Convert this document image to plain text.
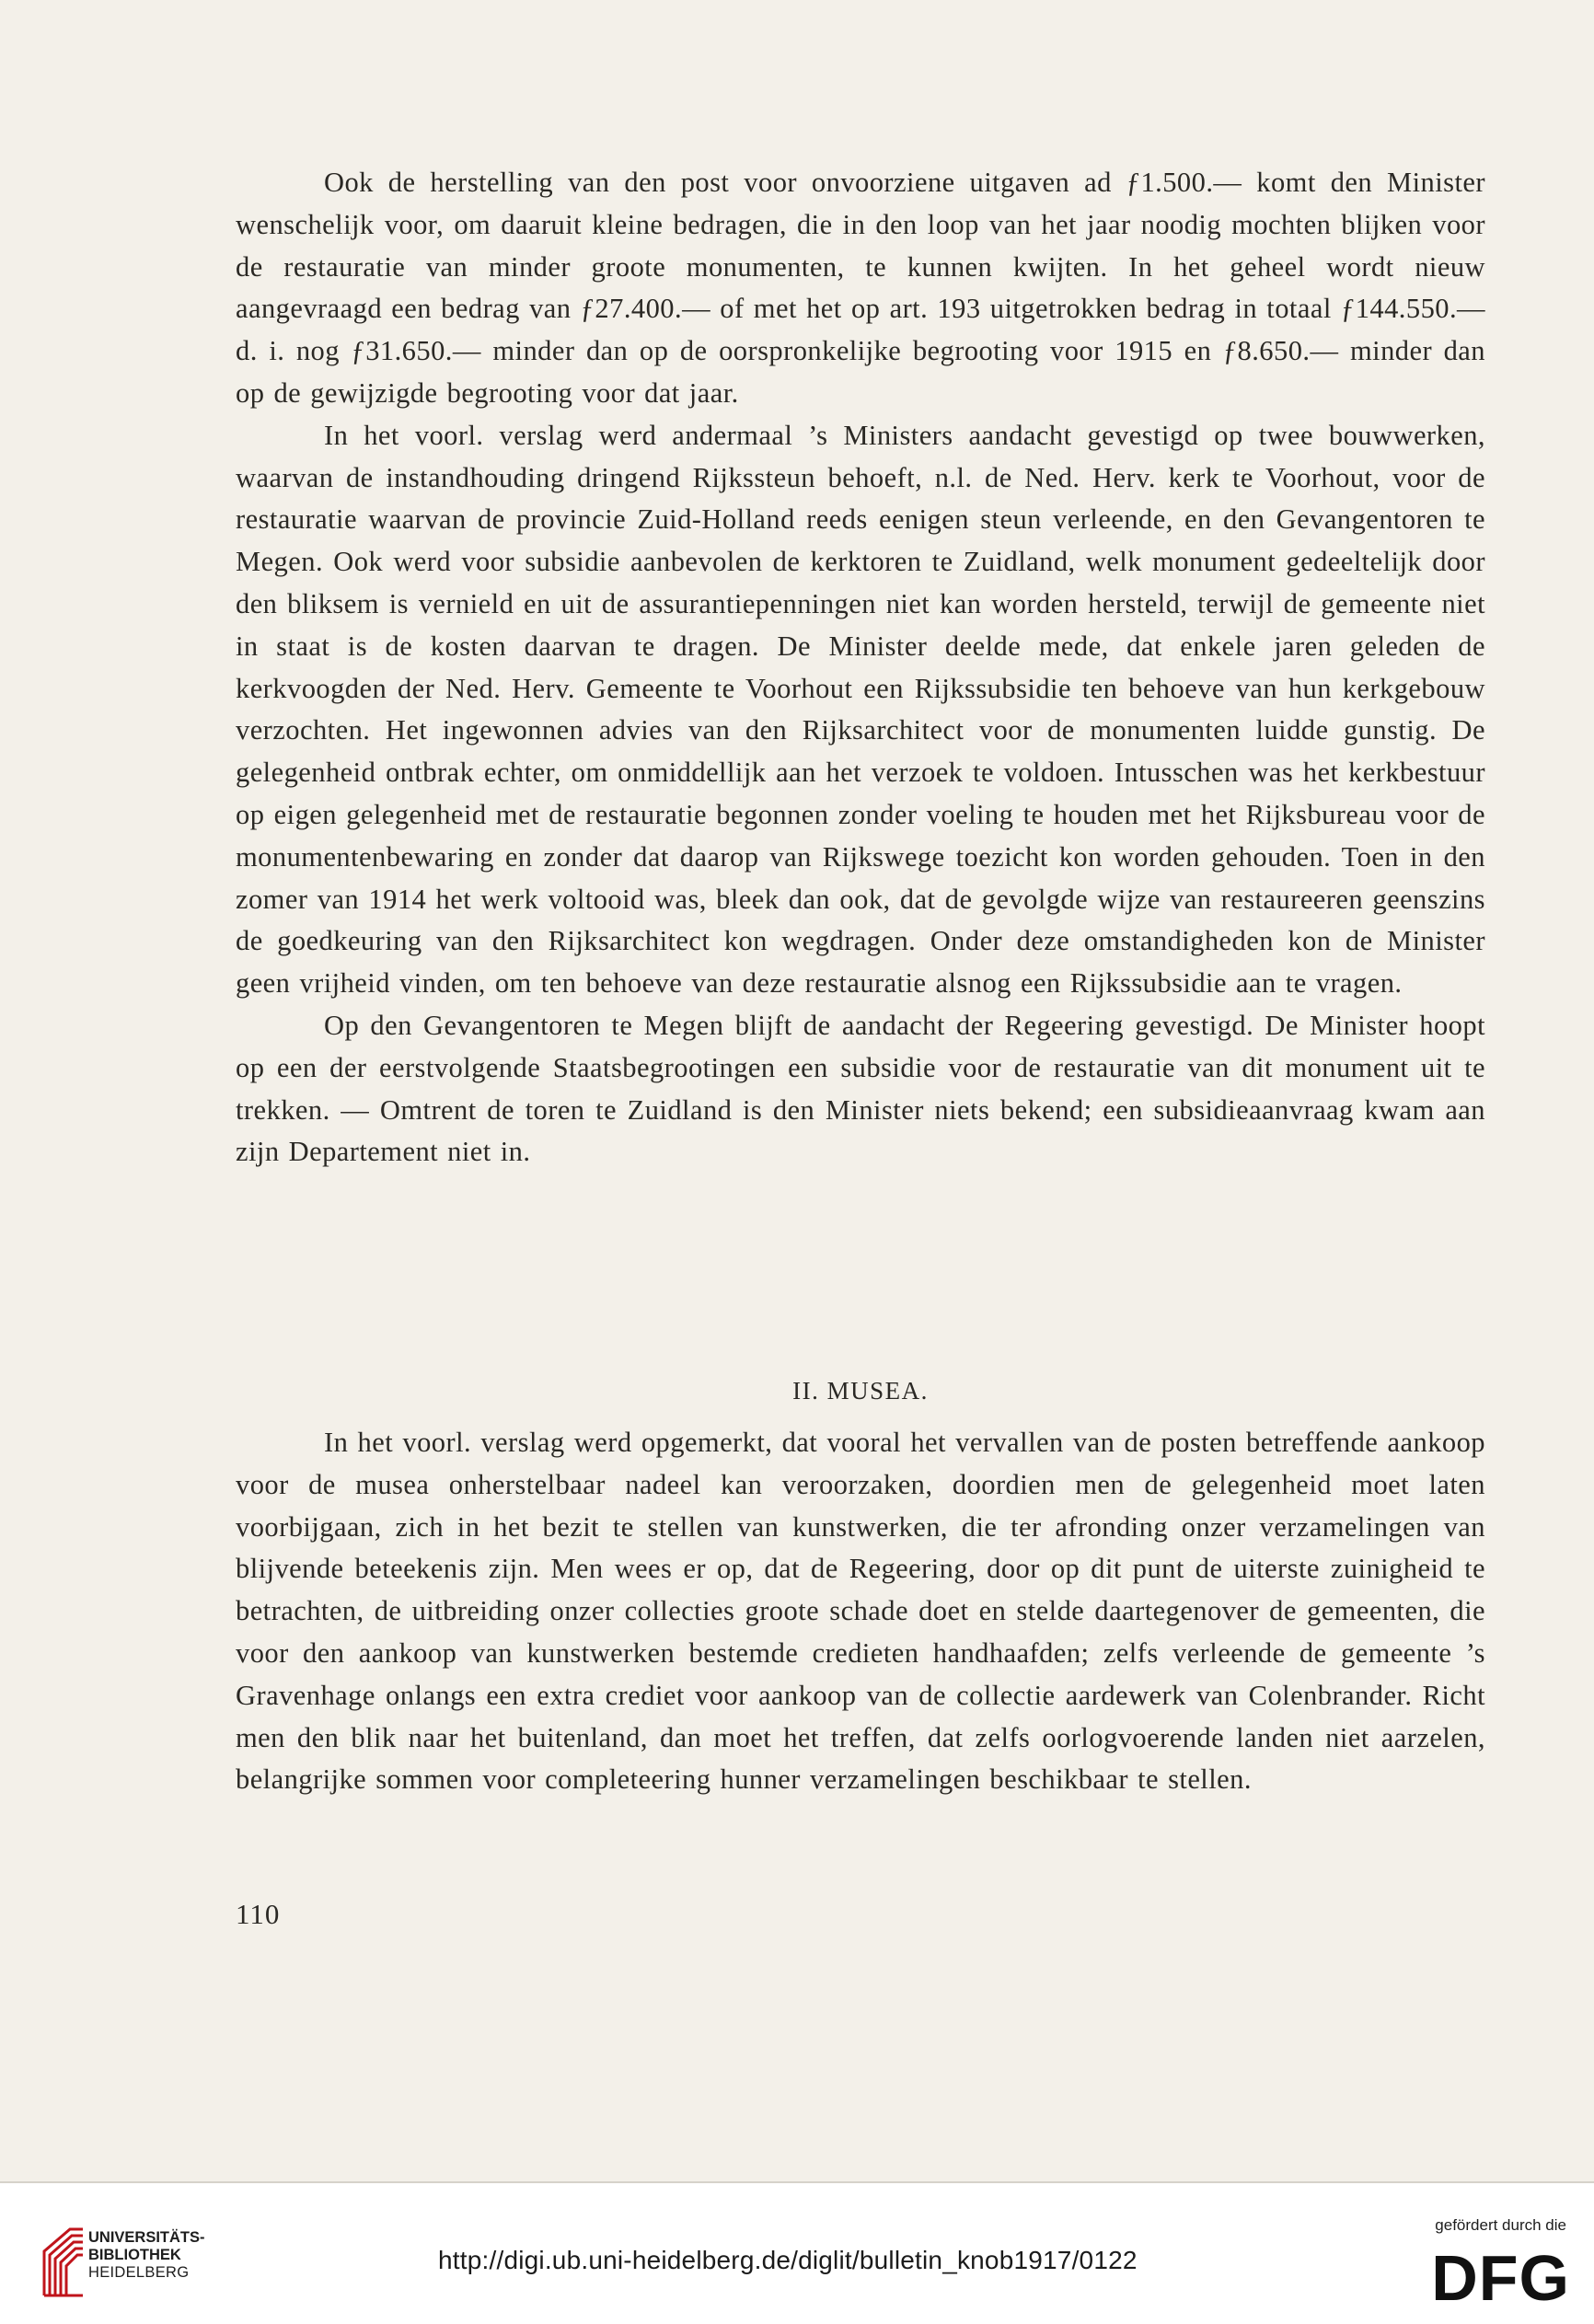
Ook de herstelling van den post voor onvoorziene uitgaven ad ƒ1.500.— komt den Minister wenschelijk voor, om daaruit kleine bedragen, die in den loop van het jaar noodig mochten blijken voor de restauratie van minder groote monumenten, te kunnen kwijten. In het geheel wordt nieuw aangevraagd een bedrag van ƒ27.400.— of met het op art. 193 uitgetrokken bedrag in totaal ƒ144.550.— d. i. nog ƒ31.650.— minder dan op de oorspronkelijke begrooting voor 1915 en ƒ8.650.— minder dan op de gewijzigde begrooting voor dat jaar.

In het voorl. verslag werd andermaal ’s Ministers aandacht gevestigd op twee bouwwerken, waarvan de instandhouding dringend Rijkssteun behoeft, n.l. de Ned. Herv. kerk te Voorhout, voor de restauratie waarvan de provincie Zuid-Holland reeds eenigen steun verleende, en den Gevangentoren te Megen. Ook werd voor subsidie aanbevolen de kerktoren te Zuidland, welk monument gedeeltelijk door den bliksem is vernield en uit de assurantiepenningen niet kan worden hersteld, terwijl de gemeente niet in staat is de kosten daarvan te dragen. De Minister deelde mede, dat enkele jaren geleden de kerkvoogden der Ned. Herv. Gemeente te Voorhout een Rijkssubsidie ten behoeve van hun kerkgebouw verzochten. Het ingewonnen advies van den Rijksarchitect voor de monumenten luidde gunstig. De gelegenheid ontbrak echter, om onmiddellijk aan het verzoek te voldoen. Intusschen was het kerkbestuur op eigen gelegenheid met de restauratie begonnen zonder voeling te houden met het Rijksbureau voor de monumentenbewaring en zonder dat daarop van Rijkswege toezicht kon worden gehouden. Toen in den zomer van 1914 het werk voltooid was, bleek dan ook, dat de gevolgde wijze van restaureeren geenszins de goedkeuring van den Rijksarchitect kon wegdragen. Onder deze omstandigheden kon de Minister geen vrijheid vinden, om ten behoeve van deze restauratie alsnog een Rijkssubsidie aan te vragen.

Op den Gevangentoren te Megen blijft de aandacht der Regeering gevestigd. De Minister hoopt op een der eerstvolgende Staatsbegrootingen een subsidie voor de restauratie van dit monument uit te trekken. — Omtrent de toren te Zuidland is den Minister niets bekend; een subsidieaanvraag kwam aan zijn Departement niet in.

II. MUSEA.

In het voorl. verslag werd opgemerkt, dat vooral het vervallen van de posten betreffende aankoop voor de musea onherstelbaar nadeel kan veroorzaken, doordien men de gelegenheid moet laten voorbijgaan, zich in het bezit te stellen van kunstwerken, die ter afronding onzer verzamelingen van blijvende beteekenis zijn. Men wees er op, dat de Regeering, door op dit punt de uiterste zuinigheid te betrachten, de uitbreiding onzer collecties groote schade doet en stelde daartegenover de gemeenten, die voor den aankoop van kunstwerken bestemde credieten handhaafden; zelfs verleende de gemeente ’s Gravenhage onlangs een extra crediet voor aankoop van de collectie aardewerk van Colenbrander. Richt men den blik naar het buitenland, dan moet het treffen, dat zelfs oorlogvoerende landen niet aarzelen, belangrijke sommen voor completeering hunner verzamelingen beschikbaar te stellen.

110
UNIVERSITÄTS-
BIBLIOTHEK
HEIDELBERG	http://digi.ub.uni-heidelberg.de/diglit/bulletin_knob1917/0122
gefördert durch die
DFG
